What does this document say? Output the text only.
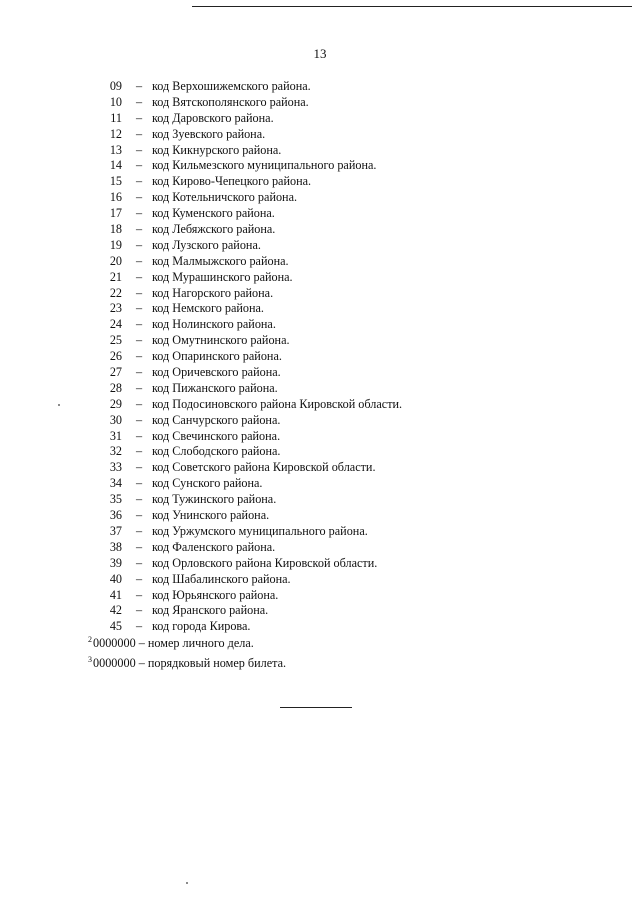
13
09 – код Верхошижемского района.
10 – код Вятскополянского района.
11 – код Даровского района.
12 – код Зуевского района.
13 – код Кикнурского района.
14 – код Кильмезского муниципального района.
15 – код Кирово-Чепецкого района.
16 – код Котельничского района.
17 – код Куменского района.
18 – код Лебяжского района.
19 – код Лузского района.
20 – код Малмыжского района.
21 – код Мурашинского района.
22 – код Нагорского района.
23 – код Немского района.
24 – код Нолинского района.
25 – код Омутнинского района.
26 – код Опаринского района.
27 – код Оричевского района.
28 – код Пижанского района.
29 – код Подосиновского района Кировской области.
30 – код Санчурского района.
31 – код Свечинского района.
32 – код Слободского района.
33 – код Советского района Кировской области.
34 – код Сунского района.
35 – код Тужинского района.
36 – код Унинского района.
37 – код Уржумского муниципального района.
38 – код Фаленского района.
39 – код Орловского района Кировской области.
40 – код Шабалинского района.
41 – код Юрьянского района.
42 – код Яранского района.
45 – код города Кирова.
$^2$0000000 – номер личного дела.
$^3$0000000 – порядковый номер билета.
